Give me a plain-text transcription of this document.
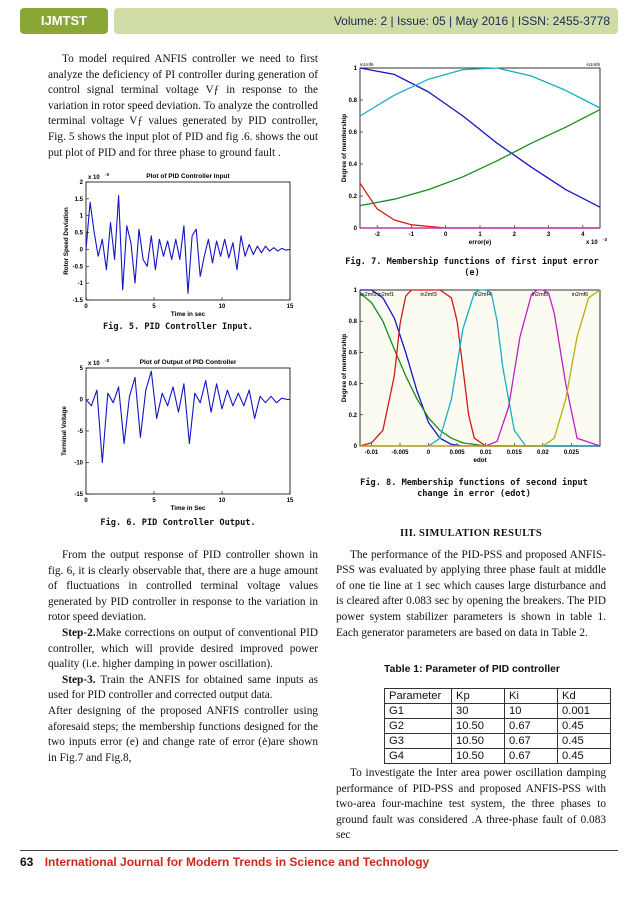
IJMTST	Volume: 2 | Issue: 05 | May 2016 | ISSN: 2455-3778

To model required ANFIS controller we need to first analyze the deficiency of PI controller during generation of control signal terminal voltage Vƒ in response to the variation in rotor speed deviation. To analyze the controlled terminal voltage Vƒ values generated by PID controller, Fig. 5 shows the input plot of PID and fig .6. shows the out put plot of PID and for three phase to ground fault .

Plot of PID Controller Input
0	5	10	15
2
1.5
1
0.5
0
-0.5
-1
-1.5
Time in sec
Rotor Speed Deviation
x 10
-3
Fig. 5. PID Controller Input.
Plot of Output of PID Controller
0	5	10	15
5
0
-5
-10
-15
Time in Sec
Terminal Voltage
x 10
-3
Fig. 6. PID Controller Output.

From the output response of PID controller shown in fig. 6, it is clearly observable that, there are a huge amount of fluctuations in controlled terminal voltage values generated by PID controller in response to the variation in rotor speed deviation.

Step-2.Make corrections on output of conventional PID controller, which will provide desired improved power quality (i.e. higher damping in power oscillation).

Step-3. Train the ANFIS for obtained same inputs as used for PID controller and corrected output data.

After designing of the proposed ANFIS controller using aforesaid steps; the membership functions designed for the two inputs error (e) and change rate of error (ė)are shown in Fig.7 and Fig.8,

-2	-1	0	1	2	3	4
1
0.8
0.6
0.4
0.2
0
error(e)
Degree of membership
x 10
-3
in1mf6	in1mf6
Fig. 7. Membership functions of first input error (e)
-0.01 -0.005	0	0.005	0.01	0.015	0.02	0.025
1
0.8
0.6
0.4
0.2
0
edot
Degree of membership
in2mf2 in2mf1	in2mf3	in2mf4	in2mf5	in2mf6
Fig. 8. Membership functions of second input change in error (edot)

III. SIMULATION RESULTS

The performance of the PID-PSS and proposed ANFIS-PSS was evaluated by applying three phase fault at middle of one tie line at 1 sec which causes large disturbance and is cleared after 0.083 sec by opening the breakers. The PID power system stabilizer parameters is shown in table 1. Each generator parameters are based on data in Table 2.

Table 1: Parameter of PID controller
Parameter	Kp	Ki	Kd
G1	30	10	0.001
G2	10.50	0.67	0.45
G3	10.50	0.67	0.45
G4	10.50	0.67	0.45

To investigate the Inter area power oscillation damping performance of PID-PSS and proposed ANFIS-PSS with two-area four-machine test system, the three phases to ground fault was considered .A three-phase fault of 0.083 sec

63 International Journal for Modern Trends in Science and Technology
